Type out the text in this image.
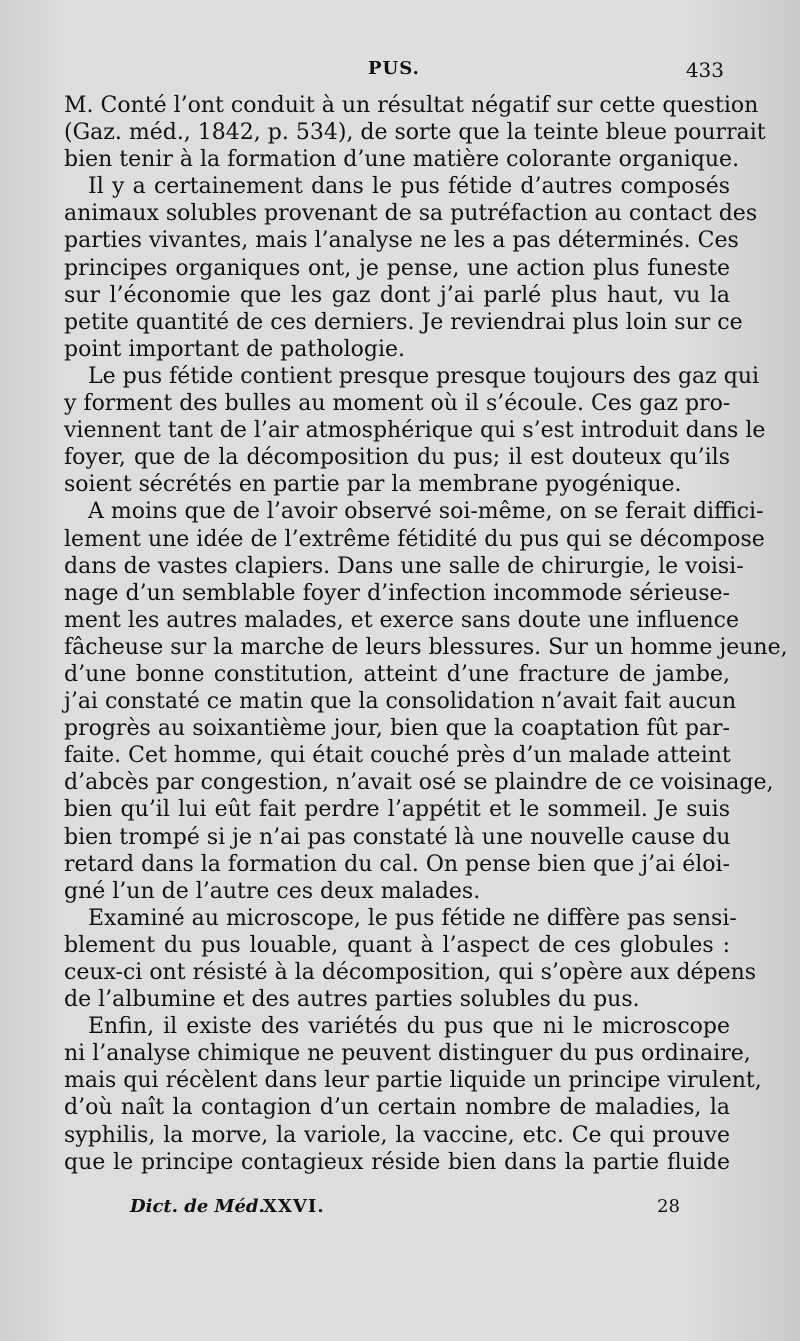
PUS.	433
M. Conté l’ont conduit à un résultat négatif sur cette question
(Gaz. méd., 1842, p. 534), de sorte que la teinte bleue pourrait
bien tenir à la formation d’une matière colorante organique.
Il y a certainement dans le pus fétide d’autres composés
animaux solubles provenant de sa putréfaction au contact des
parties vivantes, mais l’analyse ne les a pas déterminés. Ces
principes organiques ont, je pense, une action plus funeste
sur l’économie que les gaz dont j’ai parlé plus haut, vu la
petite quantité de ces derniers. Je reviendrai plus loin sur ce
point important de pathologie.
Le pus fétide contient presque presque toujours des gaz qui
y forment des bulles au moment où il s’écoule. Ces gaz pro-
viennent tant de l’air atmosphérique qui s’est introduit dans le
foyer, que de la décomposition du pus; il est douteux qu’ils
soient sécrétés en partie par la membrane pyogénique.
A moins que de l’avoir observé soi-même, on se ferait diffici-
lement une idée de l’extrême fétidité du pus qui se décompose
dans de vastes clapiers. Dans une salle de chirurgie, le voisi-
nage d’un semblable foyer d’infection incommode sérieuse-
ment les autres malades, et exerce sans doute une influence
fâcheuse sur la marche de leurs blessures. Sur un homme jeune,
d’une bonne constitution, atteint d’une fracture de jambe,
j’ai constaté ce matin que la consolidation n’avait fait aucun
progrès au soixantième jour, bien que la coaptation fût par-
faite. Cet homme, qui était couché près d’un malade atteint
d’abcès par congestion, n’avait osé se plaindre de ce voisinage,
bien qu’il lui eût fait perdre l’appétit et le sommeil. Je suis
bien trompé si je n’ai pas constaté là une nouvelle cause du
retard dans la formation du cal. On pense bien que j’ai éloi-
gné l’un de l’autre ces deux malades.
Examiné au microscope, le pus fétide ne diffère pas sensi-
blement du pus louable, quant à l’aspect de ces globules :
ceux-ci ont résisté à la décomposition, qui s’opère aux dépens
de l’albumine et des autres parties solubles du pus.
Enfin, il existe des variétés du pus que ni le microscope
ni l’analyse chimique ne peuvent distinguer du pus ordinaire,
mais qui récèlent dans leur partie liquide un principe virulent,
d’où naît la contagion d’un certain nombre de maladies, la
syphilis, la morve, la variole, la vaccine, etc. Ce qui prouve
que le principe contagieux réside bien dans la partie fluide
Dict. de Méd.
XXVI.	28
